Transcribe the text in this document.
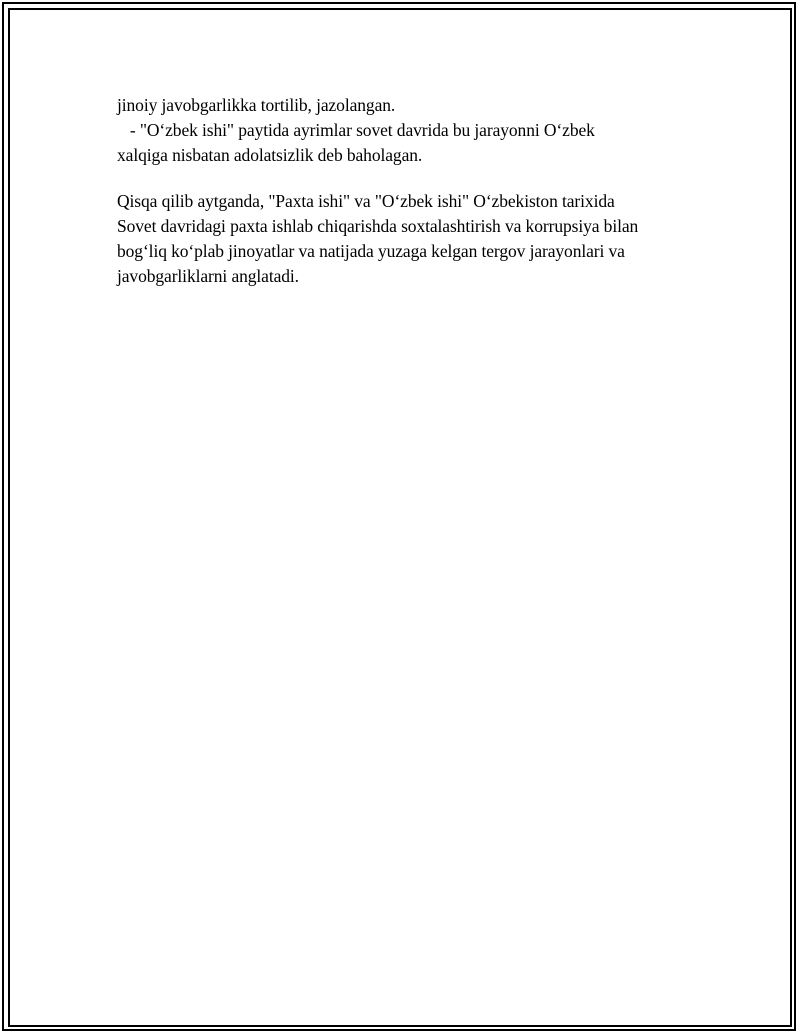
jinoiy javobgarlikka tortilib, jazolangan.
- "O‘zbek ishi" paytida ayrimlar sovet davrida bu jarayonni O‘zbek
xalqiga nisbatan adolatsizlik deb baholagan.
Qisqa qilib aytganda, "Paxta ishi" va "O‘zbek ishi" O‘zbekiston tarixida
Sovet davridagi paxta ishlab chiqarishda soxtalashtirish va korrupsiya bilan
bog‘liq ko‘plab jinoyatlar va natijada yuzaga kelgan tergov jarayonlari va
javobgarliklarni anglatadi.
